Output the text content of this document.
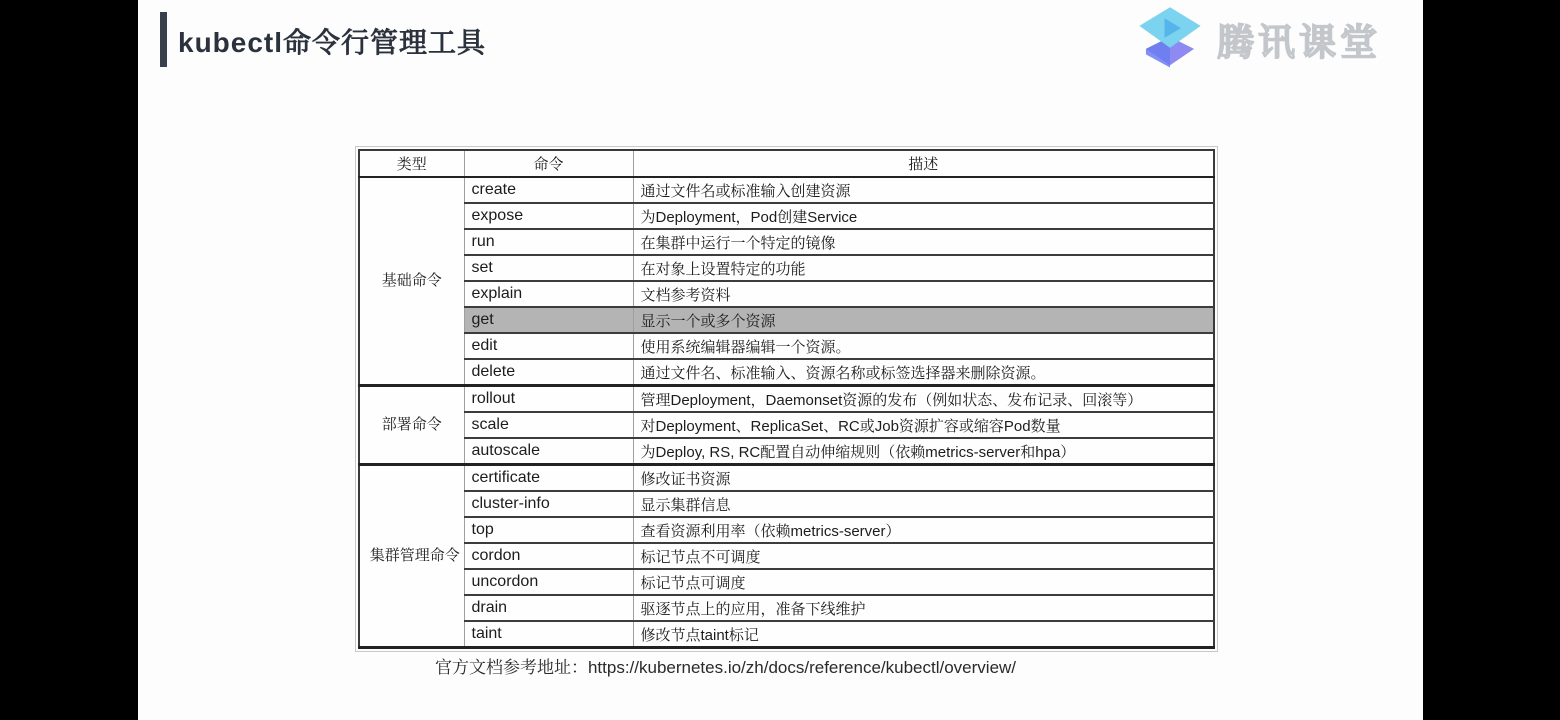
kubectl命令行管理工具	腾讯课堂
类型	命令	描述
基础命令	create	通过文件名或标准输入创建资源
	expose	为Deployment，Pod创建Service
	run	在集群中运行一个特定的镜像
	set	在对象上设置特定的功能
	explain	文档参考资料
	get	显示一个或多个资源
	edit	使用系统编辑器编辑一个资源。
	delete	通过文件名、标准输入、资源名称或标签选择器来删除资源。
部署命令	rollout	管理Deployment，Daemonset资源的发布（例如状态、发布记录、回滚等）
	scale	对Deployment、ReplicaSet、RC或Job资源扩容或缩容Pod数量
	autoscale	为Deploy, RS, RC配置自动伸缩规则（依赖metrics-server和hpa）
集群管理命令	certificate	修改证书资源
	cluster-info	显示集群信息
	top	查看资源利用率（依赖metrics-server）
	cordon	标记节点不可调度
	uncordon	标记节点可调度
	drain	驱逐节点上的应用，准备下线维护
	taint	修改节点taint标记
官方文档参考地址：https://kubernetes.io/zh/docs/reference/kubectl/overview/
